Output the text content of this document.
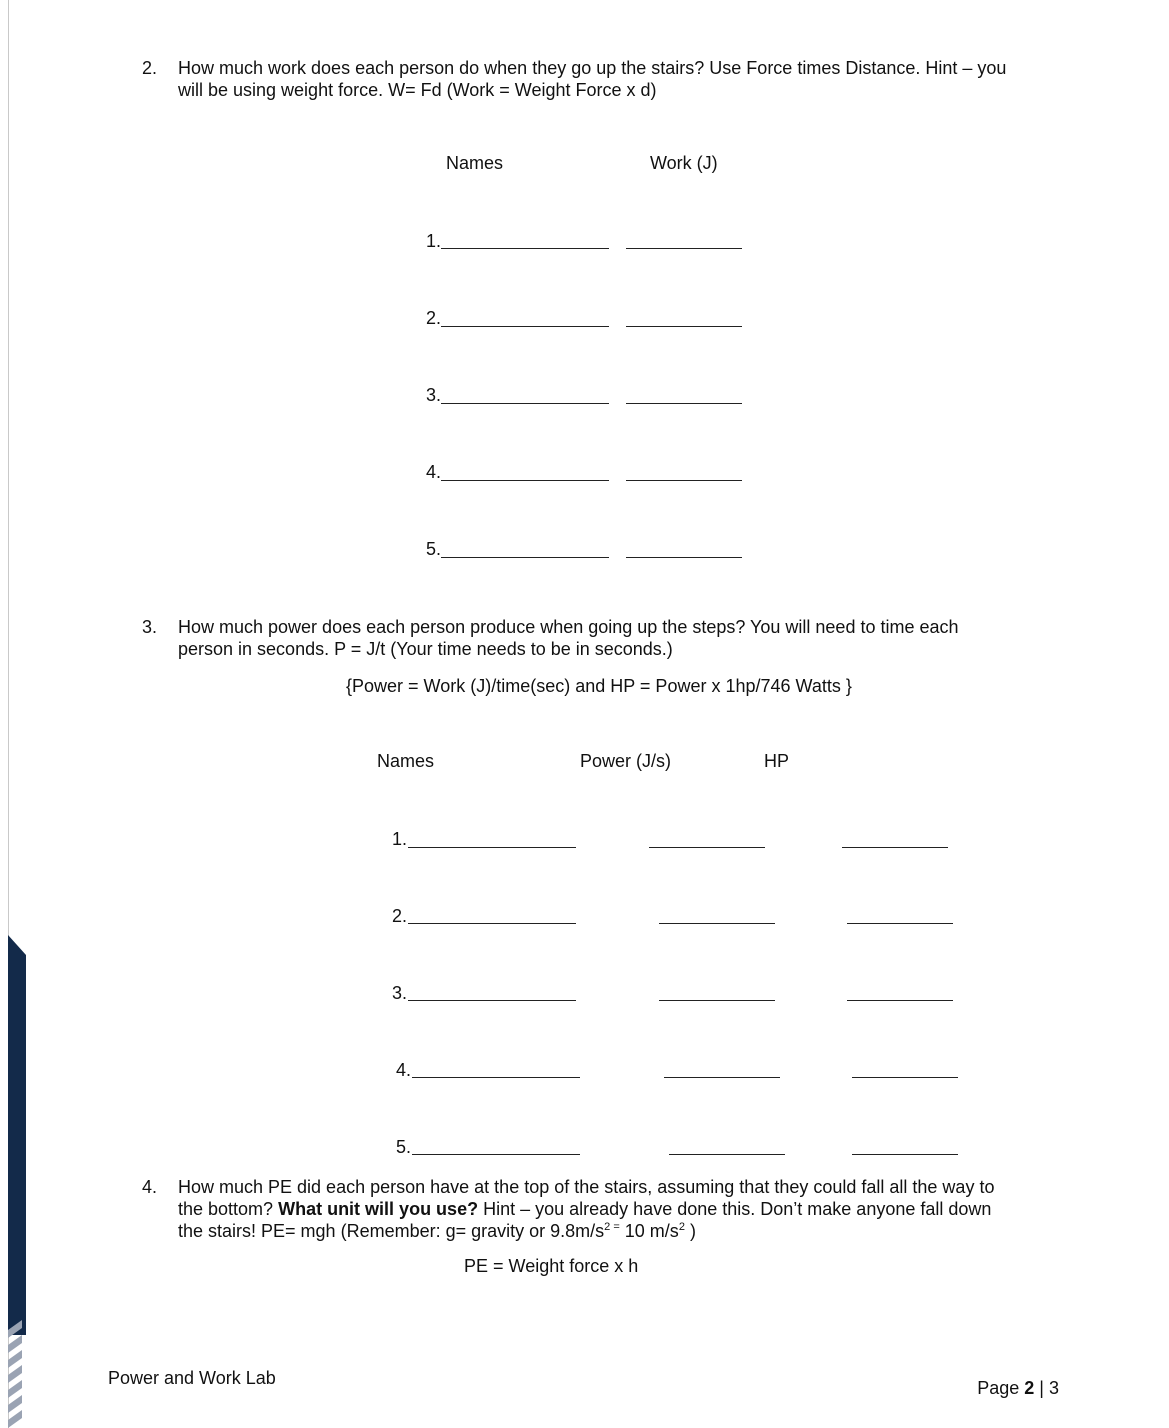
2. How much work does each person do when they go up the stairs? Use Force times Distance. Hint – you
will be using weight force. W= Fd (Work = Weight Force x d)
Names	Work (J)
1.
2.
3.
4.
5.
3. How much power does each person produce when going up the steps? You will need to time each
person in seconds. P = J/t (Your time needs to be in seconds.)
{Power = Work (J)/time(sec) and HP = Power x 1hp/746 Watts }
Names	Power (J/s)	HP
1.
2.
3.
4.
5.
4. How much PE did each person have at the top of the stairs, assuming that they could fall all the way to
the bottom? What unit will you use? Hint – you already have done this. Don’t make anyone fall down
the stairs! PE= mgh (Remember: g= gravity or $9.8m/s^{2 =}$ 10 $m/s^2$ )
PE = Weight force x h
Power and Work Lab	Page 2 | 3
